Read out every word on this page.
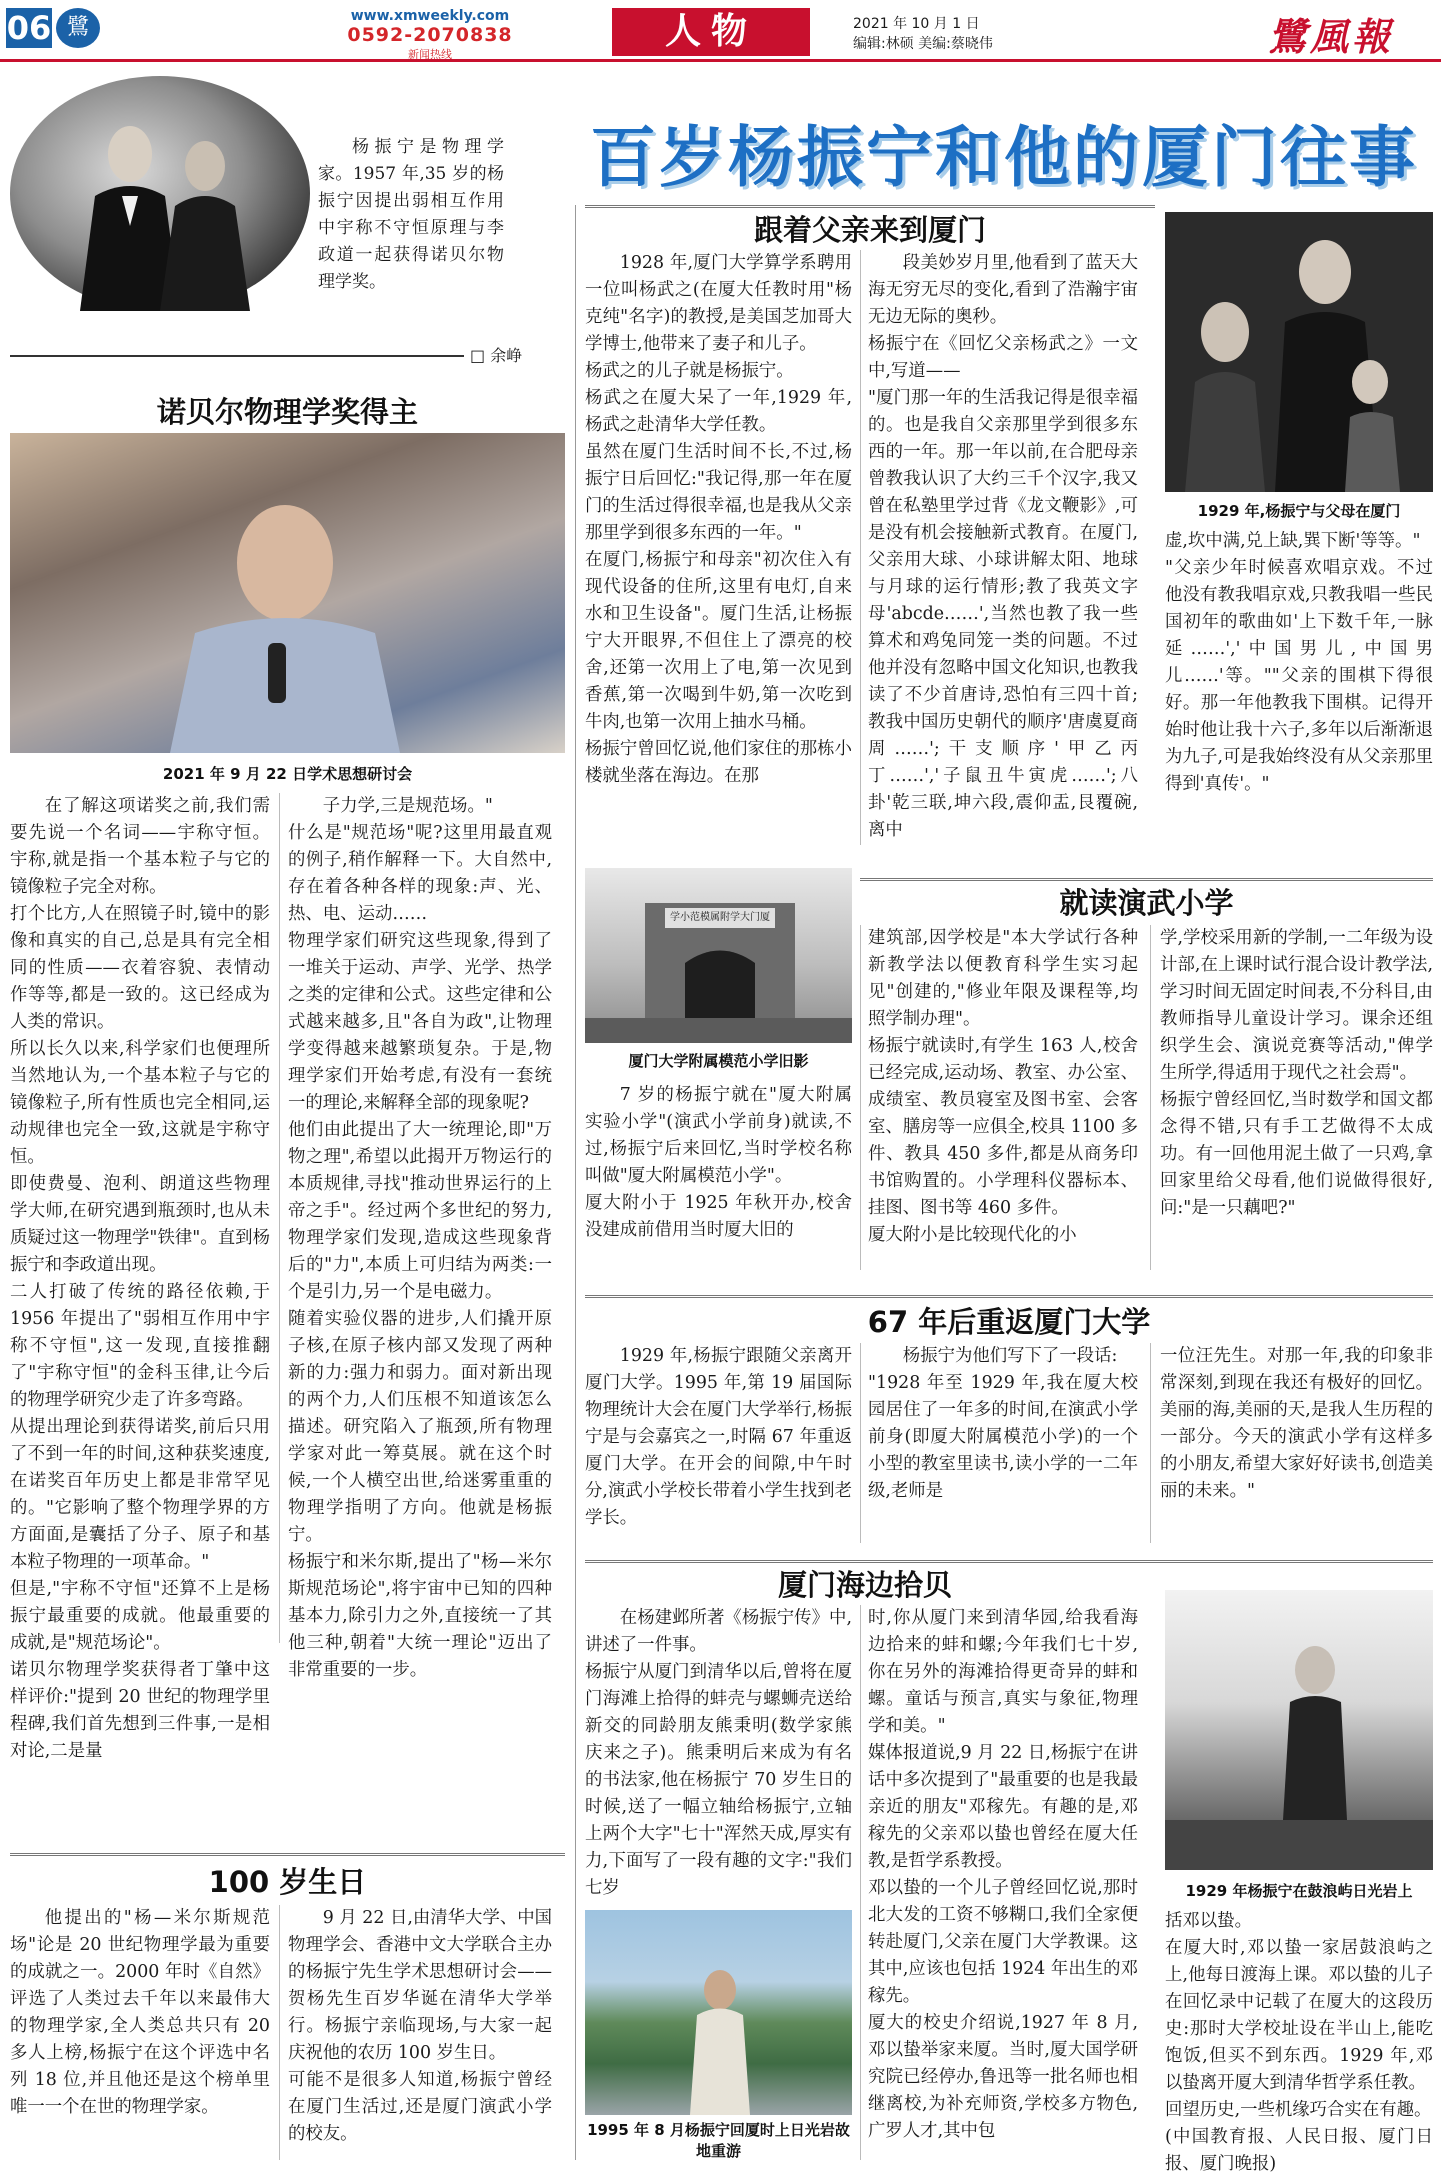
06 鷺	www.xmweekly.com
0592-2070838
新闻热线
人物	2021 年 10 月 1 日
编辑:林硕 美编:蔡晓伟	鷺風報
百岁杨振宁和他的厦门往事
杨振宁是物理学家。1957 年,35 岁的杨振宁因提出弱相互作用中宇称不守恒原理与李政道一起获得诺贝尔物理学奖。
□ 余峥
诺贝尔物理学奖得主
2021 年 9 月 22 日学术思想研讨会
在了解这项诺奖之前,我们需要先说一个名词——宇称守恒。宇称,就是指一个基本粒子与它的镜像粒子完全对称。
打个比方,人在照镜子时,镜中的影像和真实的自己,总是具有完全相同的性质——衣着容貌、表情动作等等,都是一致的。这已经成为人类的常识。
所以长久以来,科学家们也便理所当然地认为,一个基本粒子与它的镜像粒子,所有性质也完全相同,运动规律也完全一致,这就是宇称守恒。
即使费曼、泡利、朗道这些物理学大师,在研究遇到瓶颈时,也从未质疑过这一物理学"铁律"。直到杨振宁和李政道出现。
二人打破了传统的路径依赖,于 1956 年提出了"弱相互作用中宇称不守恒",这一发现,直接推翻了"宇称守恒"的金科玉律,让今后的物理学研究少走了许多弯路。
从提出理论到获得诺奖,前后只用了不到一年的时间,这种获奖速度,在诺奖百年历史上都是非常罕见的。"它影响了整个物理学界的方方面面,是囊括了分子、原子和基本粒子物理的一项革命。"
但是,"宇称不守恒"还算不上是杨振宁最重要的成就。他最重要的成就,是"规范场论"。
诺贝尔物理学奖获得者丁肇中这样评价:"提到 20 世纪的物理学里程碑,我们首先想到三件事,一是相对论,二是量
子力学,三是规范场。"
什么是"规范场"呢?这里用最直观的例子,稍作解释一下。大自然中,存在着各种各样的现象:声、光、热、电、运动……
物理学家们研究这些现象,得到了一堆关于运动、声学、光学、热学之类的定律和公式。这些定律和公式越来越多,且"各自为政",让物理学变得越来越繁琐复杂。于是,物理学家们开始考虑,有没有一套统一的理论,来解释全部的现象呢?
他们由此提出了大一统理论,即"万物之理",希望以此揭开万物运行的本质规律,寻找"推动世界运行的上帝之手"。经过两个多世纪的努力,物理学家们发现,造成这些现象背后的"力",本质上可归结为两类:一个是引力,另一个是电磁力。
随着实验仪器的进步,人们撬开原子核,在原子核内部又发现了两种新的力:强力和弱力。面对新出现的两个力,人们压根不知道该怎么描述。研究陷入了瓶颈,所有物理学家对此一筹莫展。就在这个时候,一个人横空出世,给迷雾重重的物理学指明了方向。他就是杨振宁。
杨振宁和米尔斯,提出了"杨—米尔斯规范场论",将宇宙中已知的四种基本力,除引力之外,直接统一了其他三种,朝着"大统一理论"迈出了非常重要的一步。
100 岁生日
他提出的"杨—米尔斯规范场"论是 20 世纪物理学最为重要的成就之一。2000 年时《自然》评选了人类过去千年以来最伟大的物理学家,全人类总共只有 20 多人上榜,杨振宁在这个评选中名列 18 位,并且他还是这个榜单里唯一一个在世的物理学家。
9 月 22 日,由清华大学、中国物理学会、香港中文大学联合主办的杨振宁先生学术思想研讨会——贺杨先生百岁华诞在清华大学举行。杨振宁亲临现场,与大家一起庆祝他的农历 100 岁生日。
可能不是很多人知道,杨振宁曾经在厦门生活过,还是厦门演武小学的校友。
跟着父亲来到厦门
1928 年,厦门大学算学系聘用一位叫杨武之(在厦大任教时用"杨克纯"名字)的教授,是美国芝加哥大学博士,他带来了妻子和儿子。
杨武之的儿子就是杨振宁。
杨武之在厦大呆了一年,1929 年,杨武之赴清华大学任教。
虽然在厦门生活时间不长,不过,杨振宁日后回忆:"我记得,那一年在厦门的生活过得很幸福,也是我从父亲那里学到很多东西的一年。"
在厦门,杨振宁和母亲"初次住入有现代设备的住所,这里有电灯,自来水和卫生设备"。厦门生活,让杨振宁大开眼界,不但住上了漂亮的校舍,还第一次用上了电,第一次见到香蕉,第一次喝到牛奶,第一次吃到牛肉,也第一次用上抽水马桶。
杨振宁曾回忆说,他们家住的那栋小楼就坐落在海边。在那
段美妙岁月里,他看到了蓝天大海无穷无尽的变化,看到了浩瀚宇宙无边无际的奥秒。
杨振宁在《回忆父亲杨武之》一文中,写道——
"厦门那一年的生活我记得是很幸福的。也是我自父亲那里学到很多东西的一年。那一年以前,在合肥母亲曾教我认识了大约三千个汉字,我又曾在私塾里学过背《龙文鞭影》,可是没有机会接触新式教育。在厦门,父亲用大球、小球讲解太阳、地球与月球的运行情形;教了我英文字母'abcde……',当然也教了我一些算术和鸡兔同笼一类的问题。不过他并没有忽略中国文化知识,也教我读了不少首唐诗,恐怕有三四十首;教我中国历史朝代的顺序'唐虞夏商周……';干支顺序'甲乙丙丁……','子鼠丑牛寅虎……';八卦'乾三联,坤六段,震仰盂,艮覆碗,离中
1929 年,杨振宁与父母在厦门
虚,坎中满,兑上缺,巽下断'等等。"
"父亲少年时候喜欢唱京戏。不过他没有教我唱京戏,只教我唱一些民国初年的歌曲如'上下数千年,一脉延……','中国男儿,中国男儿……'等。""父亲的围棋下得很好。那一年他教我下围棋。记得开始时他让我十六子,多年以后渐渐退为九子,可是我始终没有从父亲那里得到'真传'。"
学小范模属附学大门厦
厦门大学附属模范小学旧影
就读演武小学
7 岁的杨振宁就在"厦大附属实验小学"(演武小学前身)就读,不过,杨振宁后来回忆,当时学校名称叫做"厦大附属模范小学"。
厦大附小于 1925 年秋开办,校舍没建成前借用当时厦大旧的
建筑部,因学校是"本大学试行各种新教学法以便教育科学生实习起见"创建的,"修业年限及课程等,均照学制办理"。
杨振宁就读时,有学生 163 人,校舍已经完成,运动场、教室、办公室、成绩室、教员寝室及图书室、会客室、膳房等一应俱全,校具 1100 多件、教具 450 多件,都是从商务印书馆购置的。小学理科仪器标本、挂图、图书等 460 多件。
厦大附小是比较现代化的小
学,学校采用新的学制,一二年级为设计部,在上课时试行混合设计教学法,学习时间无固定时间表,不分科目,由教师指导儿童设计学习。课余还组织学生会、演说竞赛等活动,"俾学生所学,得适用于现代之社会焉"。
杨振宁曾经回忆,当时数学和国文都念得不错,只有手工艺做得不太成功。有一回他用泥土做了一只鸡,拿回家里给父母看,他们说做得很好,问:"是一只藕吧?"
67 年后重返厦门大学
1929 年,杨振宁跟随父亲离开厦门大学。1995 年,第 19 届国际物理统计大会在厦门大学举行,杨振宁是与会嘉宾之一,时隔 67 年重返厦门大学。在开会的间隙,中午时分,演武小学校长带着小学生找到老学长。
杨振宁为他们写下了一段话:
"1928 年至 1929 年,我在厦大校园居住了一年多的时间,在演武小学前身(即厦大附属模范小学)的一个小型的教室里读书,读小学的一二年级,老师是
一位汪先生。对那一年,我的印象非常深刻,到现在我还有极好的回忆。美丽的海,美丽的天,是我人生历程的一部分。今天的演武小学有这样多的小朋友,希望大家好好读书,创造美丽的未来。"
厦门海边拾贝
在杨建邺所著《杨振宁传》中,讲述了一件事。
杨振宁从厦门到清华以后,曾将在厦门海滩上拾得的蚌壳与螺蛳壳送给新交的同龄朋友熊秉明(数学家熊庆来之子)。熊秉明后来成为有名的书法家,他在杨振宁 70 岁生日的时候,送了一幅立轴给杨振宁,立轴上两个大字"七十"浑然天成,厚实有力,下面写了一段有趣的文字:"我们七岁
1995 年 8 月杨振宁回厦时上日光岩故地重游
时,你从厦门来到清华园,给我看海边拾来的蚌和螺;今年我们七十岁,你在另外的海滩拾得更奇异的蚌和螺。童话与预言,真实与象征,物理学和美。"
媒体报道说,9 月 22 日,杨振宁在讲话中多次提到了"最重要的也是我最亲近的朋友"邓稼先。有趣的是,邓稼先的父亲邓以蛰也曾经在厦大任教,是哲学系教授。
邓以蛰的一个儿子曾经回忆说,那时北大发的工资不够糊口,我们全家便转赴厦门,父亲在厦门大学教课。这其中,应该也包括 1924 年出生的邓稼先。
厦大的校史介绍说,1927 年 8 月,邓以蛰举家来厦。当时,厦大国学研究院已经停办,鲁迅等一批名师也相继离校,为补充师资,学校多方物色,广罗人才,其中包
1929 年杨振宁在鼓浪屿日光岩上
括邓以蛰。
在厦大时,邓以蛰一家居鼓浪屿之上,他每日渡海上课。邓以蛰的儿子在回忆录中记载了在厦大的这段历史:那时大学校址设在半山上,能吃饱饭,但买不到东西。1929 年,邓以蛰离开厦大到清华哲学系任教。
回望历史,一些机缘巧合实在有趣。
(中国教育报、人民日报、厦门日报、厦门晚报)
